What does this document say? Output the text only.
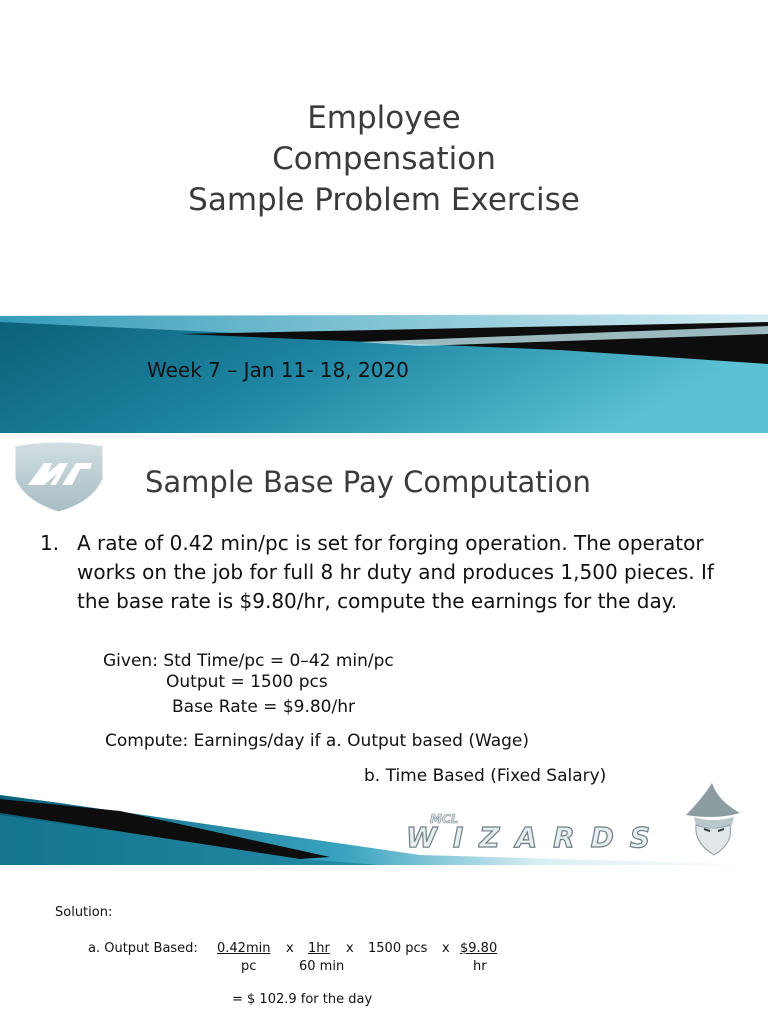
Employee
Compensation
Sample Problem Exercise
Week 7 – Jan 11- 18, 2020
Sample Base Pay Computation
1. A rate of 0.42 min/pc is set for forging operation. The operator works on the job for full 8 hr duty and produces 1,500 pieces. If the base rate is $9.80/hr, compute the earnings for the day.
Given: Std Time/pc = 0–42 min/pc
Output = 1500 pcs
Base Rate = $9.80/hr
Compute: Earnings/day if a. Output based (Wage)
b. Time Based (Fixed Salary)
MCL
WIZARDS
Solution:
a. Output Based: 0.42min
pc
x 1hr
60 min
x 1500 pcs x $9.80
hr
= $ 102.9 for the day
